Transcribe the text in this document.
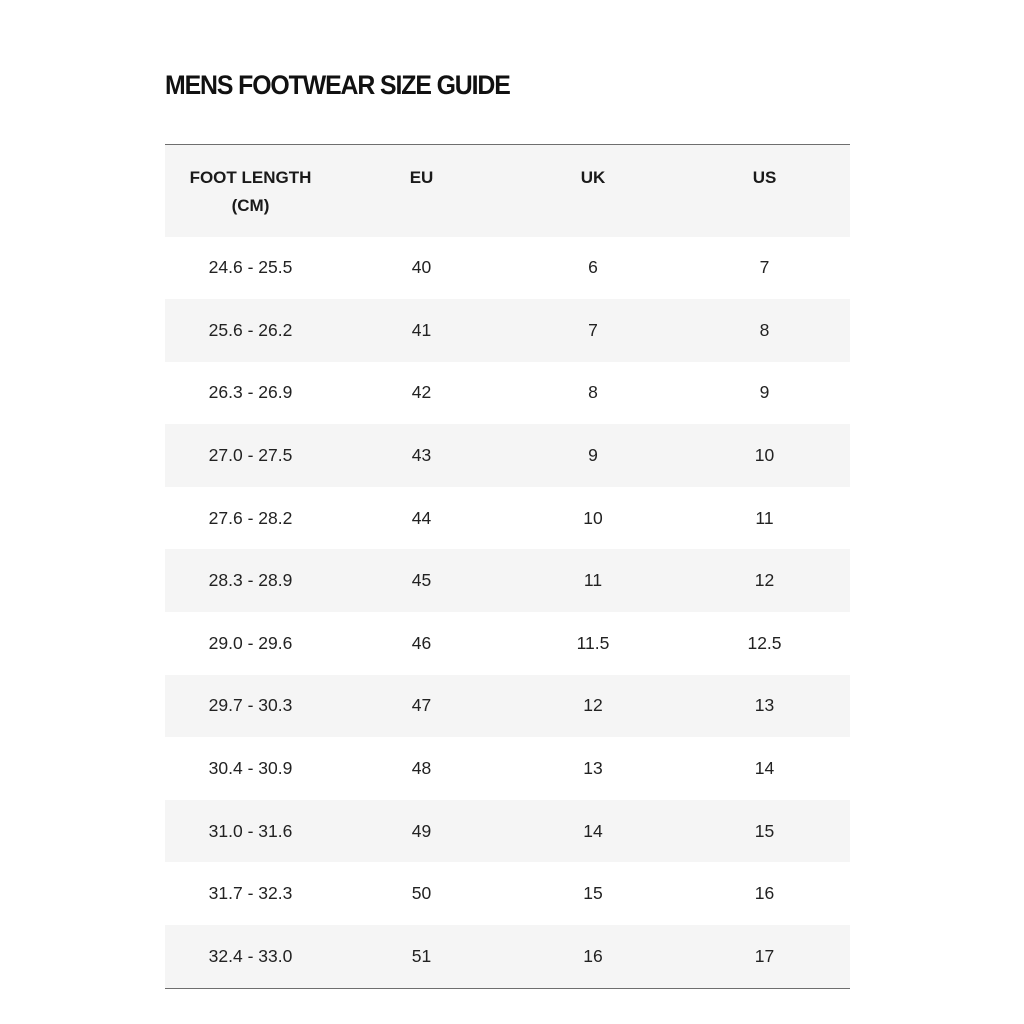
MENS FOOTWEAR SIZE GUIDE
FOOT LENGTH (CM)	EU	UK	US
24.6 - 25.5	40	6	7
25.6 - 26.2	41	7	8
26.3 - 26.9	42	8	9
27.0 - 27.5	43	9	10
27.6 - 28.2	44	10	11
28.3 - 28.9	45	11	12
29.0 - 29.6	46	11.5	12.5
29.7 - 30.3	47	12	13
30.4 - 30.9	48	13	14
31.0 - 31.6	49	14	15
31.7 - 32.3	50	15	16
32.4 - 33.0	51	16	17
